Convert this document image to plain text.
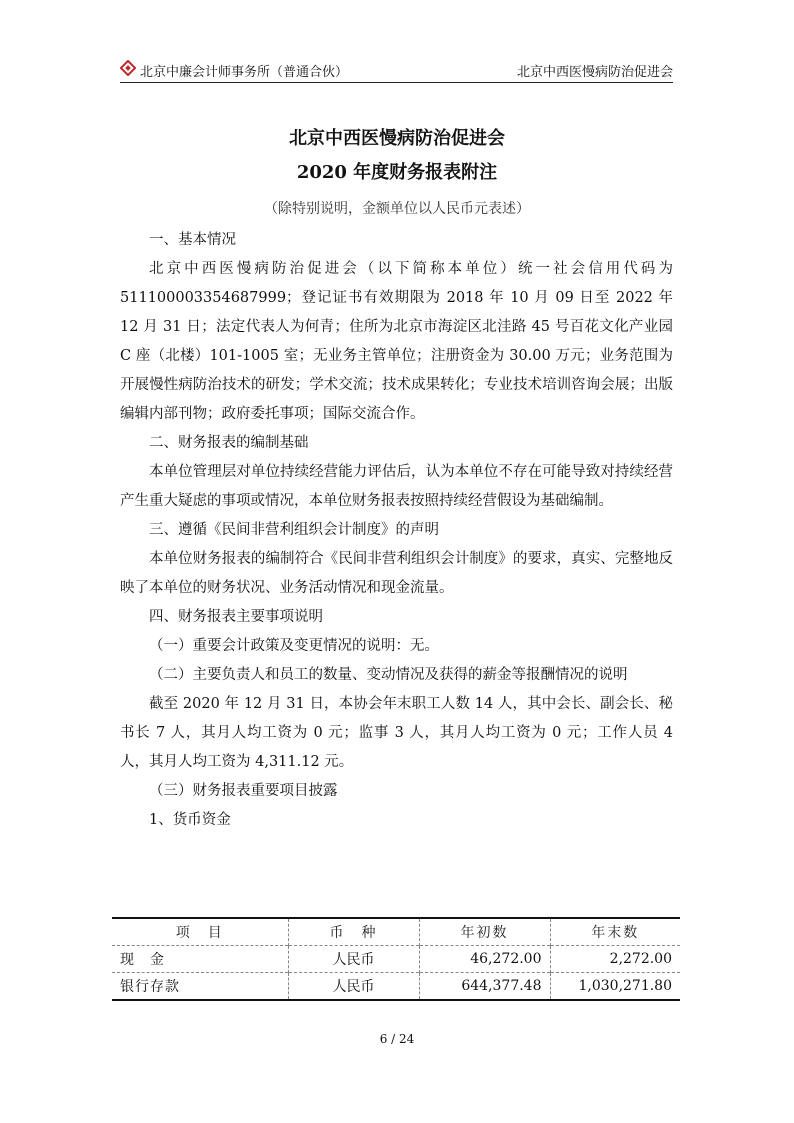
北京中廉会计师事务所（普通合伙）	北京中西医慢病防治促进会
北京中西医慢病防治促进会
2020 年度财务报表附注
（除特别说明，金额单位以人民币元表述）

一、基本情况

北京中西医慢病防治促进会（以下简称本单位）统一社会信用代码为 511100003354687999；登记证书有效期限为 2018 年 10 月 09 日至 2022 年 12 月 31 日；法定代表人为何青；住所为北京市海淀区北洼路 45 号百花文化产业园 C 座（北楼）101-1005 室；无业务主管单位；注册资金为 30.00 万元；业务范围为开展慢性病防治技术的研发；学术交流；技术成果转化；专业技术培训咨询会展；出版编辑内部刊物；政府委托事项；国际交流合作。

二、财务报表的编制基础

本单位管理层对单位持续经营能力评估后，认为本单位不存在可能导致对持续经营产生重大疑虑的事项或情况，本单位财务报表按照持续经营假设为基础编制。

三、遵循《民间非营利组织会计制度》的声明

本单位财务报表的编制符合《民间非营利组织会计制度》的要求，真实、完整地反映了本单位的财务状况、业务活动情况和现金流量。

四、财务报表主要事项说明

（一）重要会计政策及变更情况的说明：无。

（二）主要负责人和员工的数量、变动情况及获得的薪金等报酬情况的说明

截至 2020 年 12 月 31 日，本协会年末职工人数 14 人，其中会长、副会长、秘书长 7 人，其月人均工资为 0 元；监事 3 人，其月人均工资为 0 元；工作人员 4 人，其月人均工资为 4,311.12 元。

（三）财务报表重要项目披露

1、货币资金

项　目	币　种	年初数	年末数
现　金	人民币	46,272.00	2,272.00
银行存款	人民币	644,377.48	1,030,271.80
6 / 24
